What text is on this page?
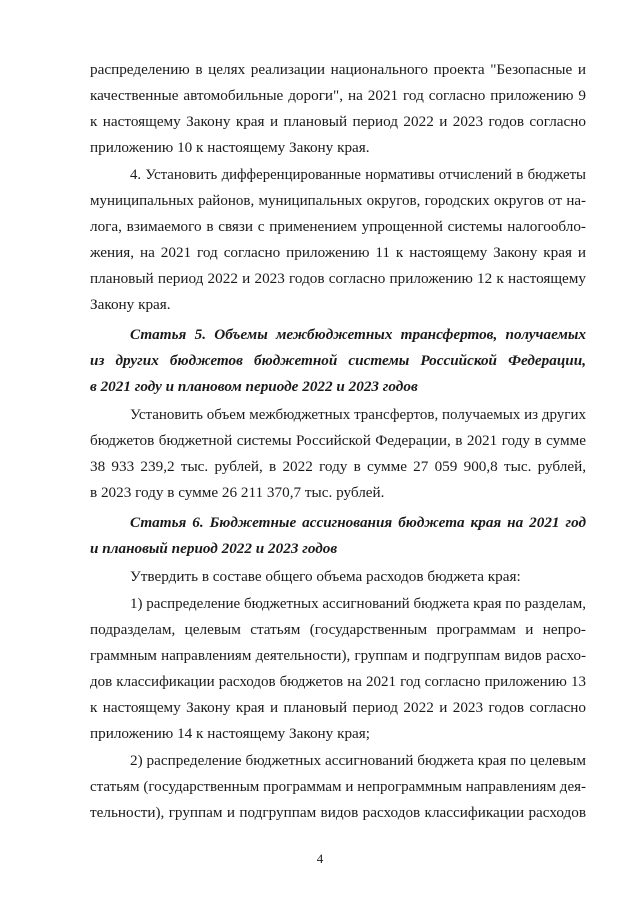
распределению в целях реализации национального проекта "Безопасные и
качественные автомобильные дороги", на 2021 год согласно приложению 9
к настоящему Закону края и плановый период 2022 и 2023 годов согласно
приложению 10 к настоящему Закону края.
4. Установить дифференцированные нормативы отчислений в бюджеты
муниципальных районов, муниципальных округов, городских округов от на-
лога, взимаемого в связи с применением упрощенной системы налогообло-
жения, на 2021 год согласно приложению 11 к настоящему Закону края и
плановый период 2022 и 2023 годов согласно приложению 12 к настоящему
Закону края.
Статья 5. Объемы межбюджетных трансфертов, получаемых
из других бюджетов бюджетной системы Российской Федерации,
в 2021 году и плановом периоде 2022 и 2023 годов
Установить объем межбюджетных трансфертов, получаемых из других
бюджетов бюджетной системы Российской Федерации, в 2021 году в сумме
38 933 239,2 тыс. рублей, в 2022 году в сумме 27 059 900,8 тыс. рублей,
в 2023 году в сумме 26 211 370,7 тыс. рублей.
Статья 6. Бюджетные ассигнования бюджета края на 2021 год
и плановый период 2022 и 2023 годов
Утвердить в составе общего объема расходов бюджета края:
1) распределение бюджетных ассигнований бюджета края по разделам,
подразделам, целевым статьям (государственным программам и непро-
граммным направлениям деятельности), группам и подгруппам видов расхо-
дов классификации расходов бюджетов на 2021 год согласно приложению 13
к настоящему Закону края и плановый период 2022 и 2023 годов согласно
приложению 14 к настоящему Закону края;
2) распределение бюджетных ассигнований бюджета края по целевым
статьям (государственным программам и непрограммным направлениям дея-
тельности), группам и подгруппам видов расходов классификации расходов
4
